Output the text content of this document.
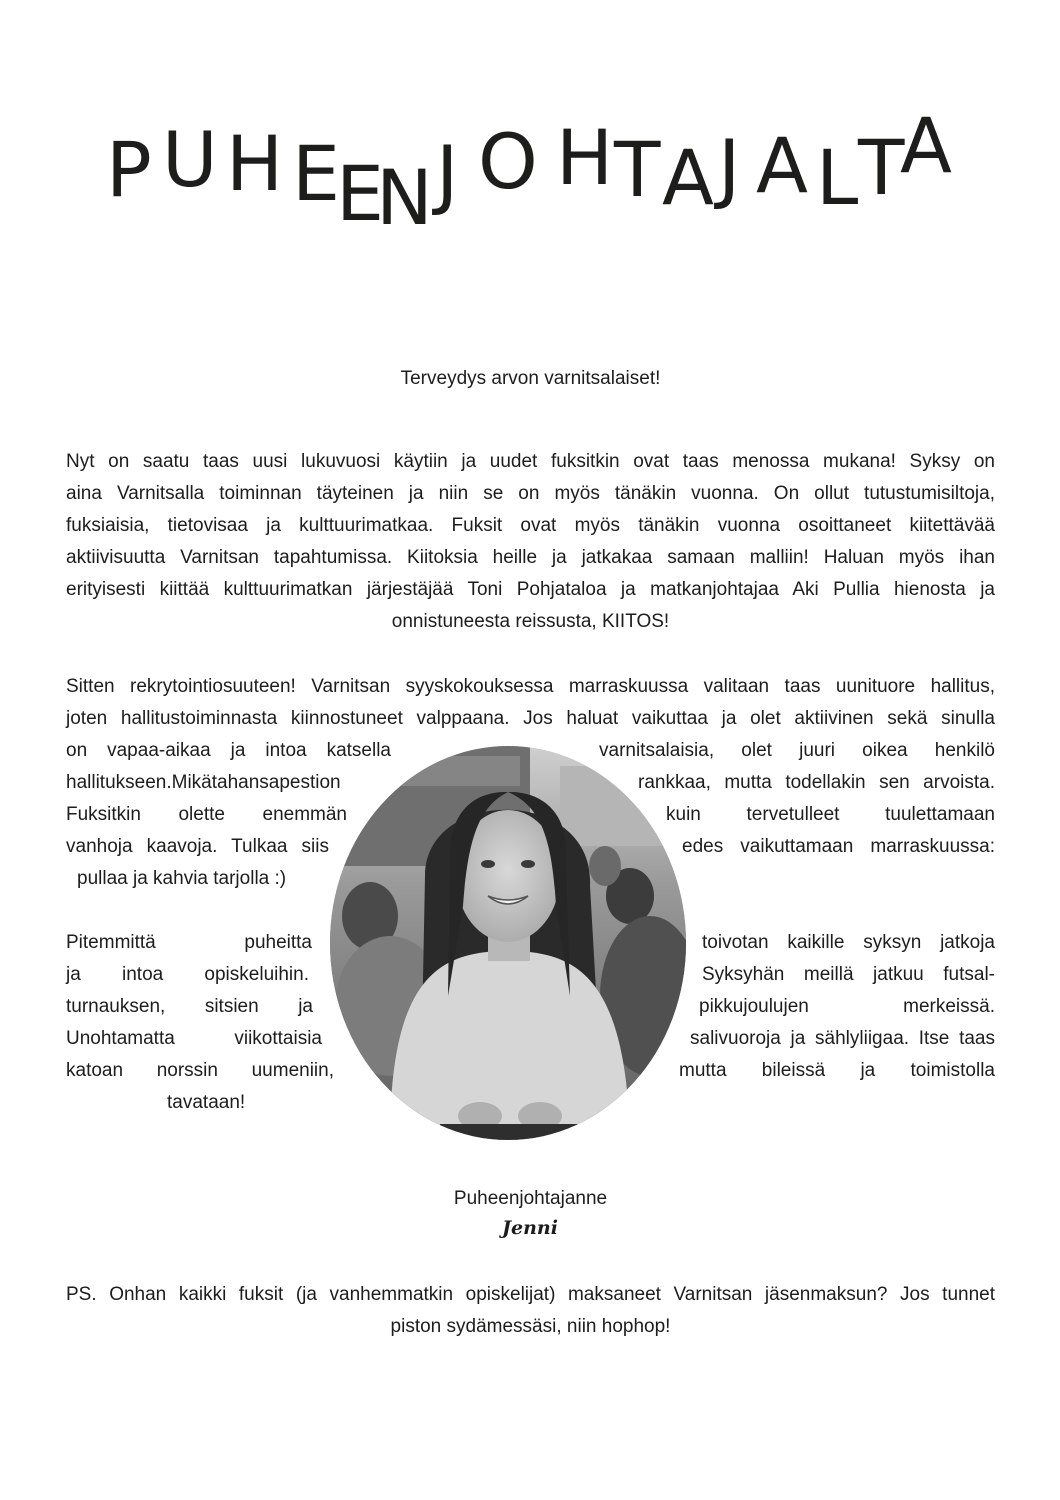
P U H E
E
N J O H T A J A L T
A
Terveydys arvon varnitsalaiset!
Nyt on saatu taas uusi lukuvuosi käytiin ja uudet fuksitkin ovat taas menossa mukana! Syksy on
aina Varnitsalla toiminnan täyteinen ja niin se on myös tänäkin vuonna. On ollut tutustumisiltoja,
fuksiaisia, tietovisaa ja kulttuurimatkaa. Fuksit ovat myös tänäkin vuonna osoittaneet kiitettävää
aktiivisuutta Varnitsan tapahtumissa. Kiitoksia heille ja jatkakaa samaan malliin! Haluan myös ihan
erityisesti kiittää kulttuurimatkan järjestäjää Toni Pohjataloa ja matkanjohtajaa Aki Pullia hienosta ja
onnistuneesta reissusta, KIITOS!
Sitten rekrytointiosuuteen! Varnitsan syyskokouksessa marraskuussa valitaan taas uunituore hallitus,
joten hallitustoiminnasta kiinnostuneet valppaana. Jos haluat vaikuttaa ja olet aktiivinen sekä sinulla
on vapaa-aikaa ja intoa katsella
hallitukseen.Mikätahansapestion
Fuksitkin olette enemmän
vanhoja kaavoja. Tulkaa siis
pullaa ja kahvia tarjolla :)
varnitsalaisia, olet juuri oikea henkilö
rankkaa, mutta todellakin sen arvoista.
kuin tervetulleet tuulettamaan
edes vaikuttamaan marraskuussa:
Pitemmittä puheitta
ja intoa opiskeluihin.
turnauksen, sitsien ja
Unohtamatta viikottaisia
katoan norssin uumeniin,
tavataan!
toivotan kaikille syksyn jatkoja
Syksyhän meillä jatkuu futsal-
pikkujoulujen merkeissä.
salivuoroja ja sählyliigaa. Itse taas
mutta bileissä ja toimistolla
Puheenjohtajanne
Jenni
PS. Onhan kaikki fuksit (ja vanhemmatkin opiskelijat) maksaneet Varnitsan jäsenmaksun? Jos tunnet
piston sydämessäsi, niin hophop!
